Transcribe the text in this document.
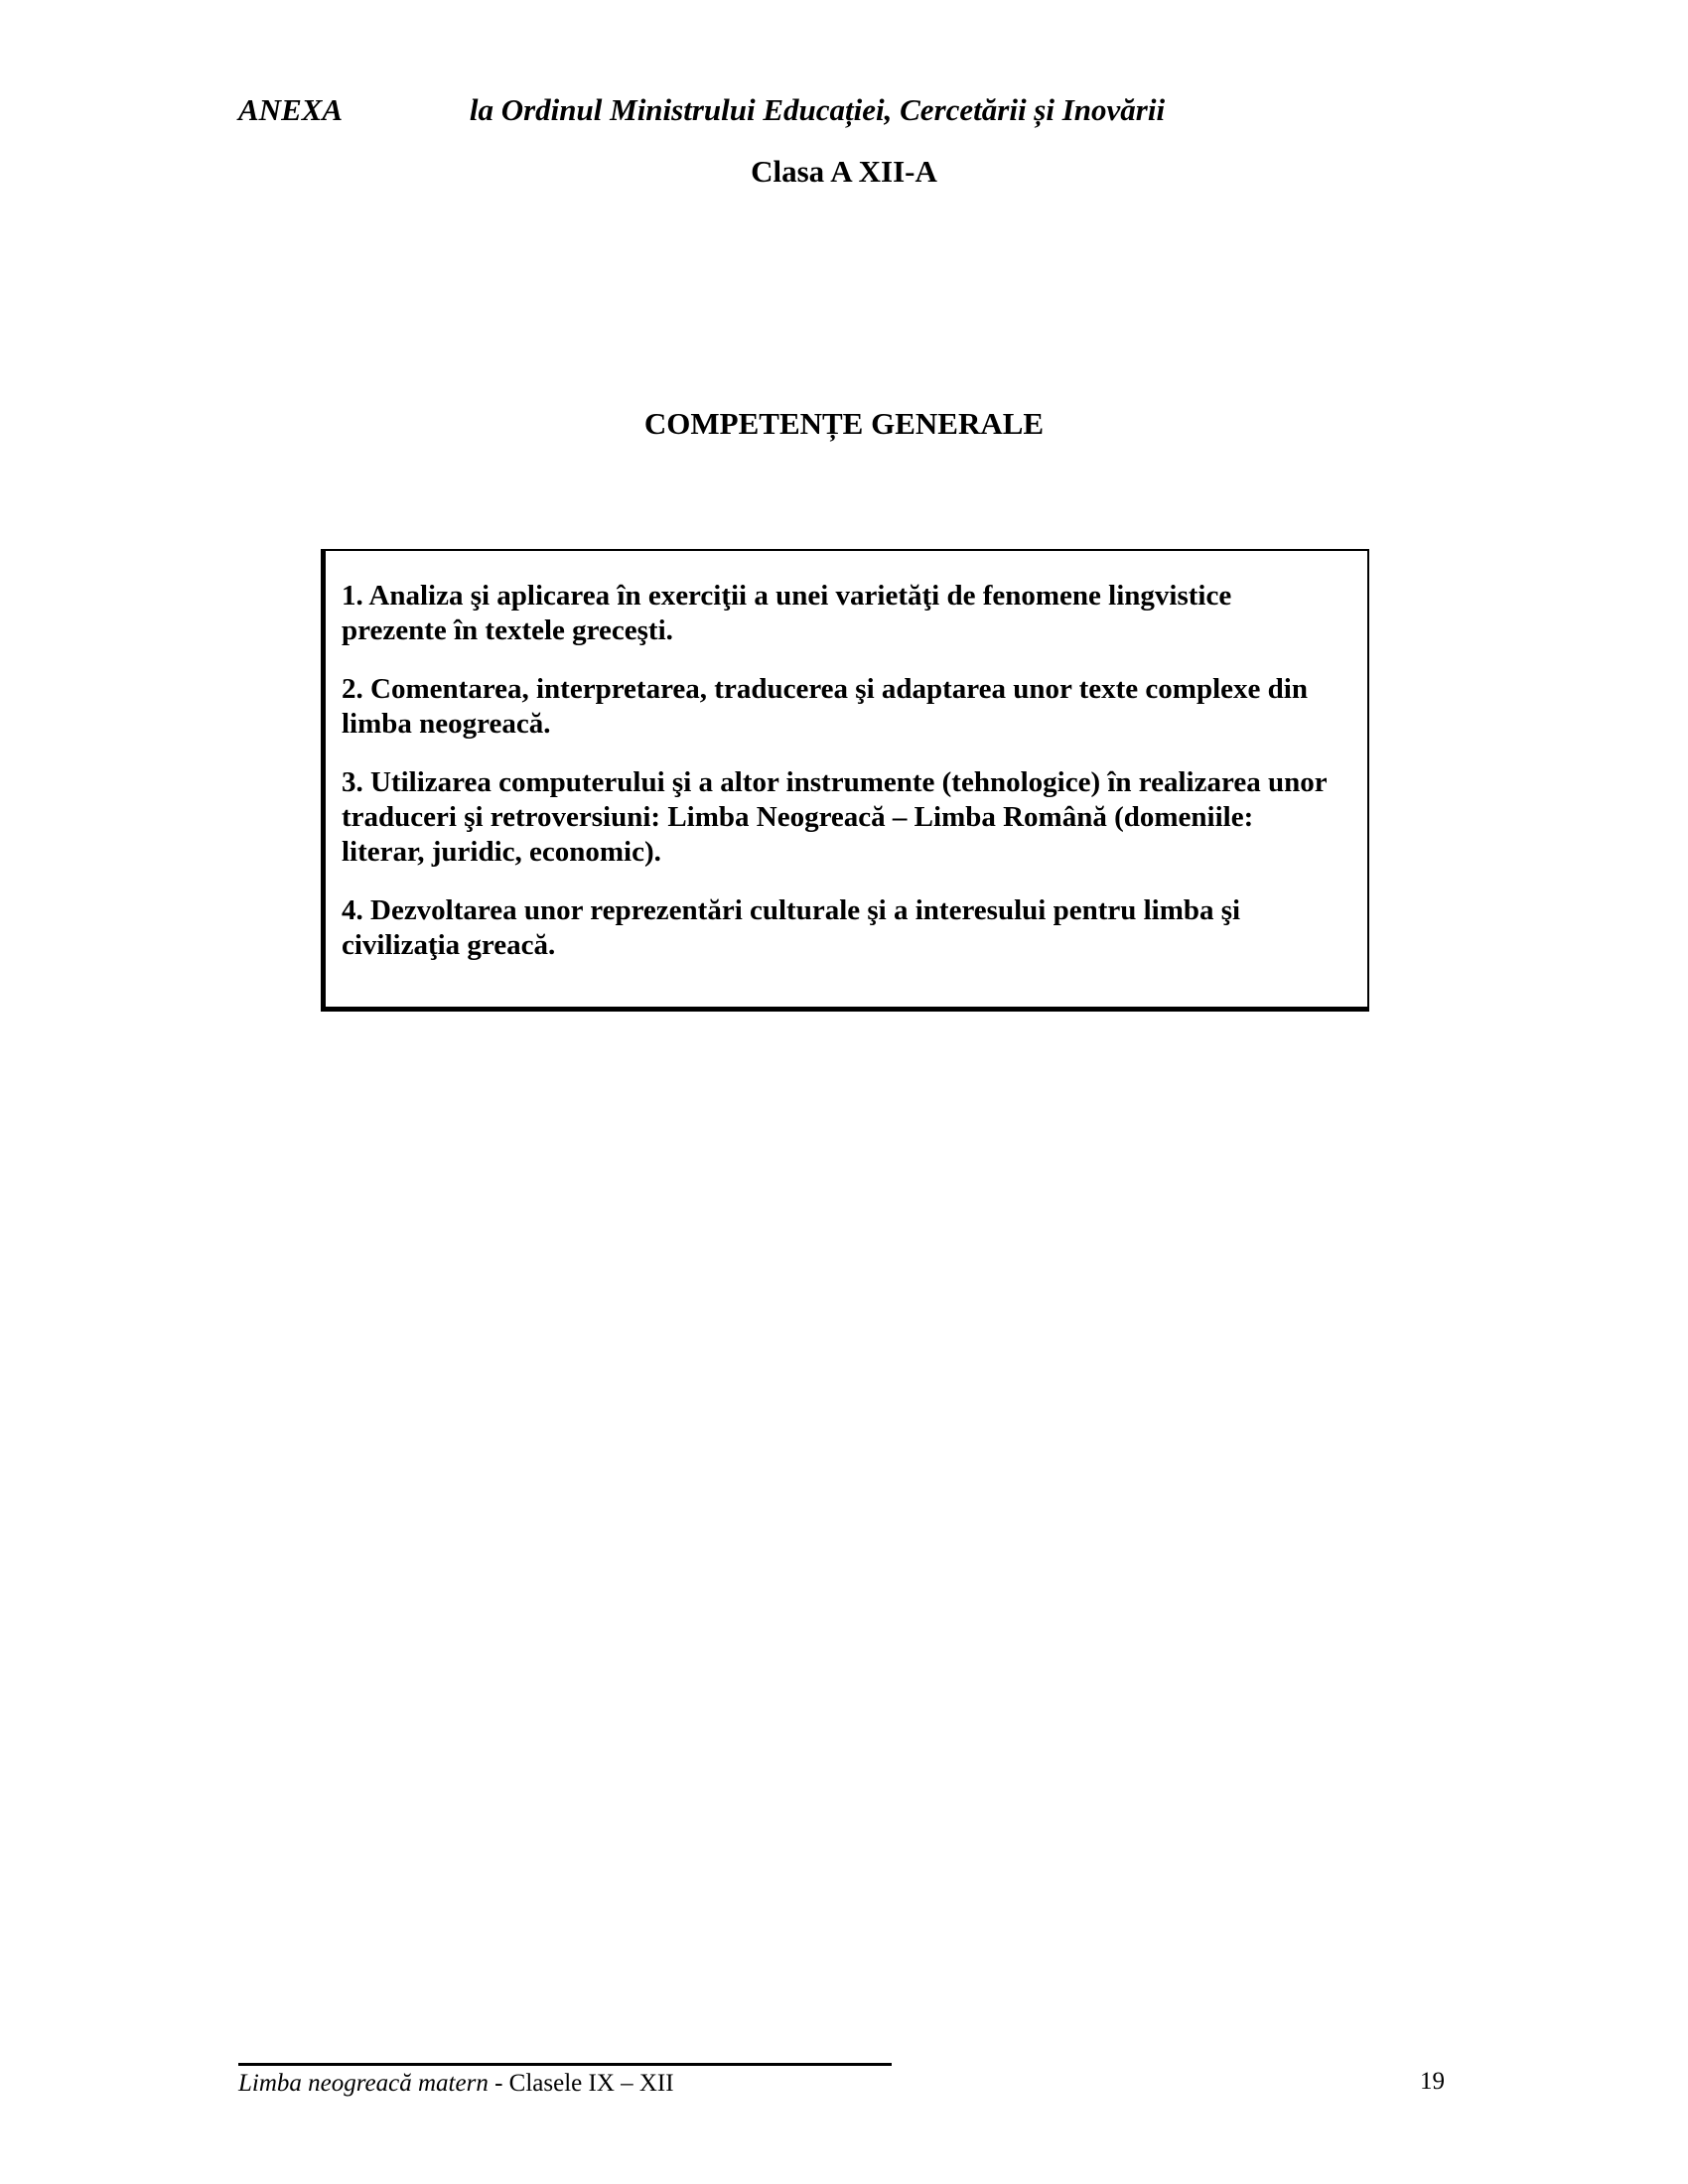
ANEXA	la Ordinul Ministrului Educației, Cercetării și Inovării
Clasa A XII-A
COMPETENȚE GENERALE

1. Analiza şi aplicarea în exerciţii a unei varietăţi de fenomene lingvistice prezente în textele greceşti.

2. Comentarea, interpretarea, traducerea şi adaptarea unor texte complexe din limba neogreacă.

3. Utilizarea computerului şi a altor instrumente (tehnologice) în realizarea unor traduceri şi retroversiuni: Limba Neogreacă – Limba Română (domeniile: literar, juridic, economic).

4. Dezvoltarea unor reprezentări culturale şi a interesului pentru limba şi civilizaţia greacă.

Limba neogreacă matern - Clasele IX – XII	19
